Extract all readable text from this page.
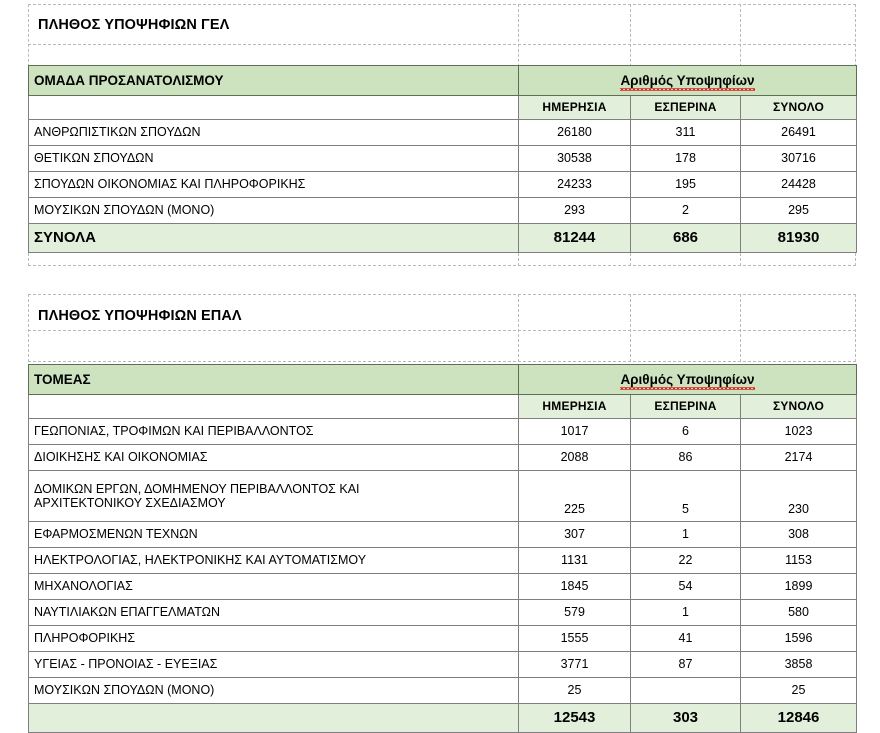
ΠΛΗΘΟΣ ΥΠΟΨΗΦΙΩΝ ΓΕΛ
ΟΜΑΔΑ ΠΡΟΣΑΝΑΤΟΛΙΣΜΟΥ	Αριθμός Υποψηφίων		
	ΗΜΕΡΗΣΙΑ	ΕΣΠΕΡΙΝΑ	ΣΥΝΟΛΟ
ΑΝΘΡΩΠΙΣΤΙΚΩΝ ΣΠΟΥΔΩΝ	26180	311	26491
ΘΕΤΙΚΩΝ ΣΠΟΥΔΩΝ	30538	178	30716
ΣΠΟΥΔΩΝ ΟΙΚΟΝΟΜΙΑΣ ΚΑΙ ΠΛΗΡΟΦΟΡΙΚΗΣ	24233	195	24428
ΜΟΥΣΙΚΩΝ ΣΠΟΥΔΩΝ (ΜΟΝΟ)	293	2	295
ΣΥΝΟΛΑ	81244	686	81930
ΠΛΗΘΟΣ ΥΠΟΨΗΦΙΩΝ ΕΠΑΛ
ΤΟΜΕΑΣ	Αριθμός Υποψηφίων		
	ΗΜΕΡΗΣΙΑ	ΕΣΠΕΡΙΝΑ	ΣΥΝΟΛΟ
ΓΕΩΠΟΝΙΑΣ, ΤΡΟΦΙΜΩΝ ΚΑΙ ΠΕΡΙΒΑΛΛΟΝΤΟΣ	1017	6	1023
ΔΙΟΙΚΗΣΗΣ ΚΑΙ ΟΙΚΟΝΟΜΙΑΣ	2088	86	2174

ΔΟΜΙΚΩΝ ΕΡΓΩΝ, ΔΟΜΗΜΕΝΟΥ ΠΕΡΙΒΑΛΛΟΝΤΟΣ ΚΑΙ
ΑΡΧΙΤΕΚΤΟΝΙΚΟΥ ΣΧΕΔΙΑΣΜΟΥ	225	5	230
ΕΦΑΡΜΟΣΜΕΝΩΝ ΤΕΧΝΩΝ	307	1	308
ΗΛΕΚΤΡΟΛΟΓΙΑΣ, ΗΛΕΚΤΡΟΝΙΚΗΣ ΚΑΙ ΑΥΤΟΜΑΤΙΣΜΟΥ	1131	22	1153
ΜΗΧΑΝΟΛΟΓΙΑΣ	1845	54	1899
ΝΑΥΤΙΛΙΑΚΩΝ ΕΠΑΓΓΕΛΜΑΤΩΝ	579	1	580
ΠΛΗΡΟΦΟΡΙΚΗΣ	1555	41	1596
ΥΓΕΙΑΣ - ΠΡΟΝΟΙΑΣ - ΕΥΕΞΙΑΣ	3771	87	3858
ΜΟΥΣΙΚΩΝ ΣΠΟΥΔΩΝ (ΜΟΝΟ)	25		25
	12543	303	12846
